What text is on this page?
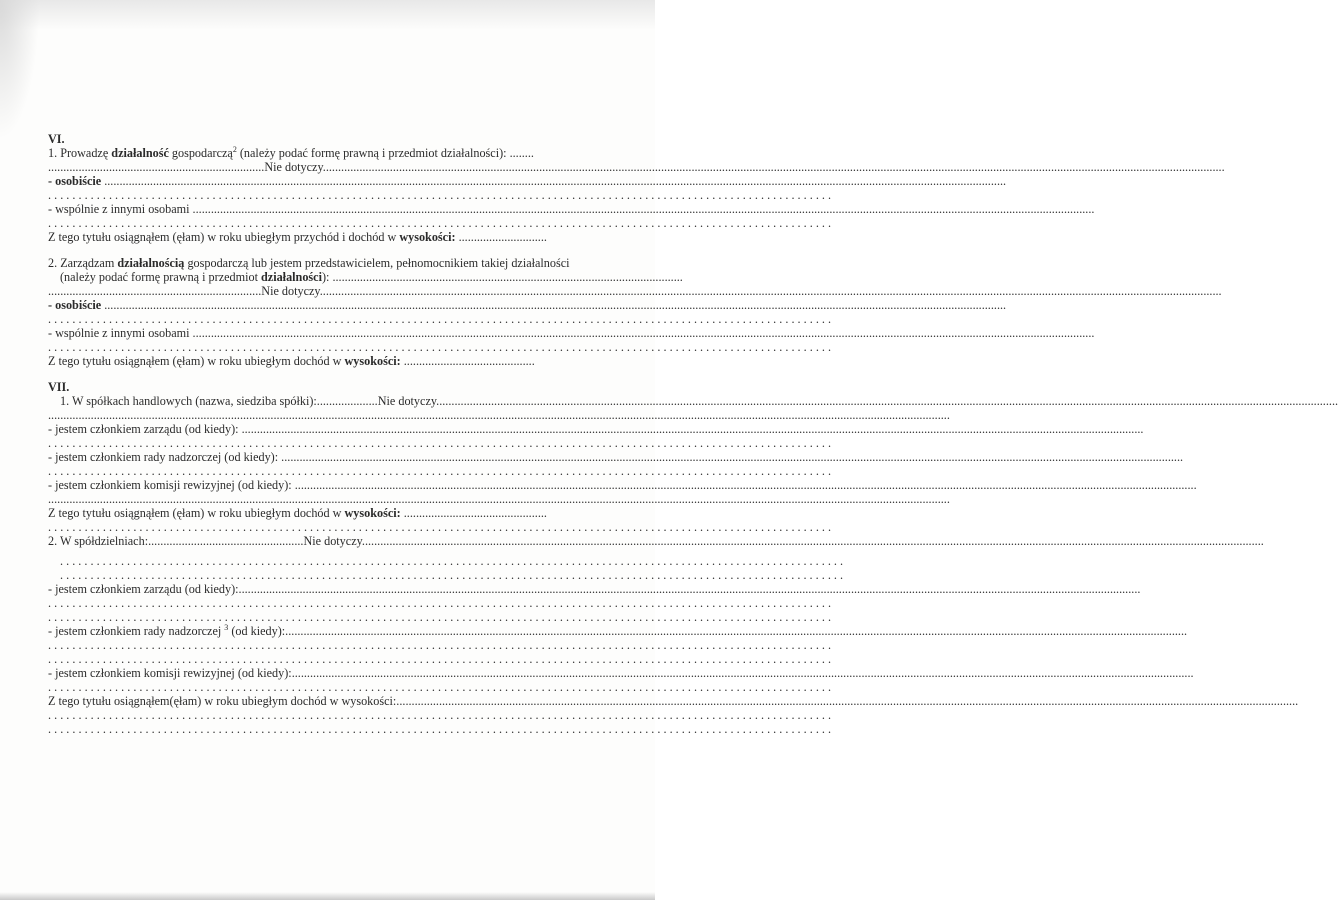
VI.
1. Prowadzę działalność gospodarczą$^2$ (należy podać formę prawną i przedmiot działalności): ........
.......................................................................Nie dotyczy .....
- osobiście .....
. . .
- wspólnie z innymi osobami .....
. . .
Z tego tytułu osiągnąłem (ęłam) w roku ubiegłym przychód i dochód w wysokości: .............................
2. Zarządzam działalnością gospodarczą lub jestem przedstawicielem, pełnomocnikiem takiej działalności
(należy podać formę prawną i przedmiot działalności): ...................................................................................................................
......................................................................Nie dotyczy .....
- osobiście .....
. . .
- wspólnie z innymi osobami .....
. . .
Z tego tytułu osiągnąłem (ęłam) w roku ubiegłym dochód w wysokości: ...........................................
VII.
1. W spółkach handlowych (nazwa, siedziba spółki):....................Nie dotyczy .....
.....
- jestem członkiem zarządu (od kiedy): .....
. . .
- jestem członkiem rady nadzorczej (od kiedy): .....
. . .
- jestem członkiem komisji rewizyjnej (od kiedy): .....
.....
Z tego tytułu osiągnąłem (ęłam) w roku ubiegłym dochód w wysokości: ...............................................
. . .
2. W spółdzielniach:...................................................Nie dotyczy .....
. . .
. . .
- jestem członkiem zarządu (od kiedy): .....
. . .
. . .
- jestem członkiem rady nadzorczej $^3$ (od kiedy): .....
. . .
. . .
- jestem członkiem komisji rewizyjnej (od kiedy): .....
. . .
Z tego tytułu osiągnąłem(ęłam) w roku ubiegłym dochód w wysokości: .....
. . .
. . .
